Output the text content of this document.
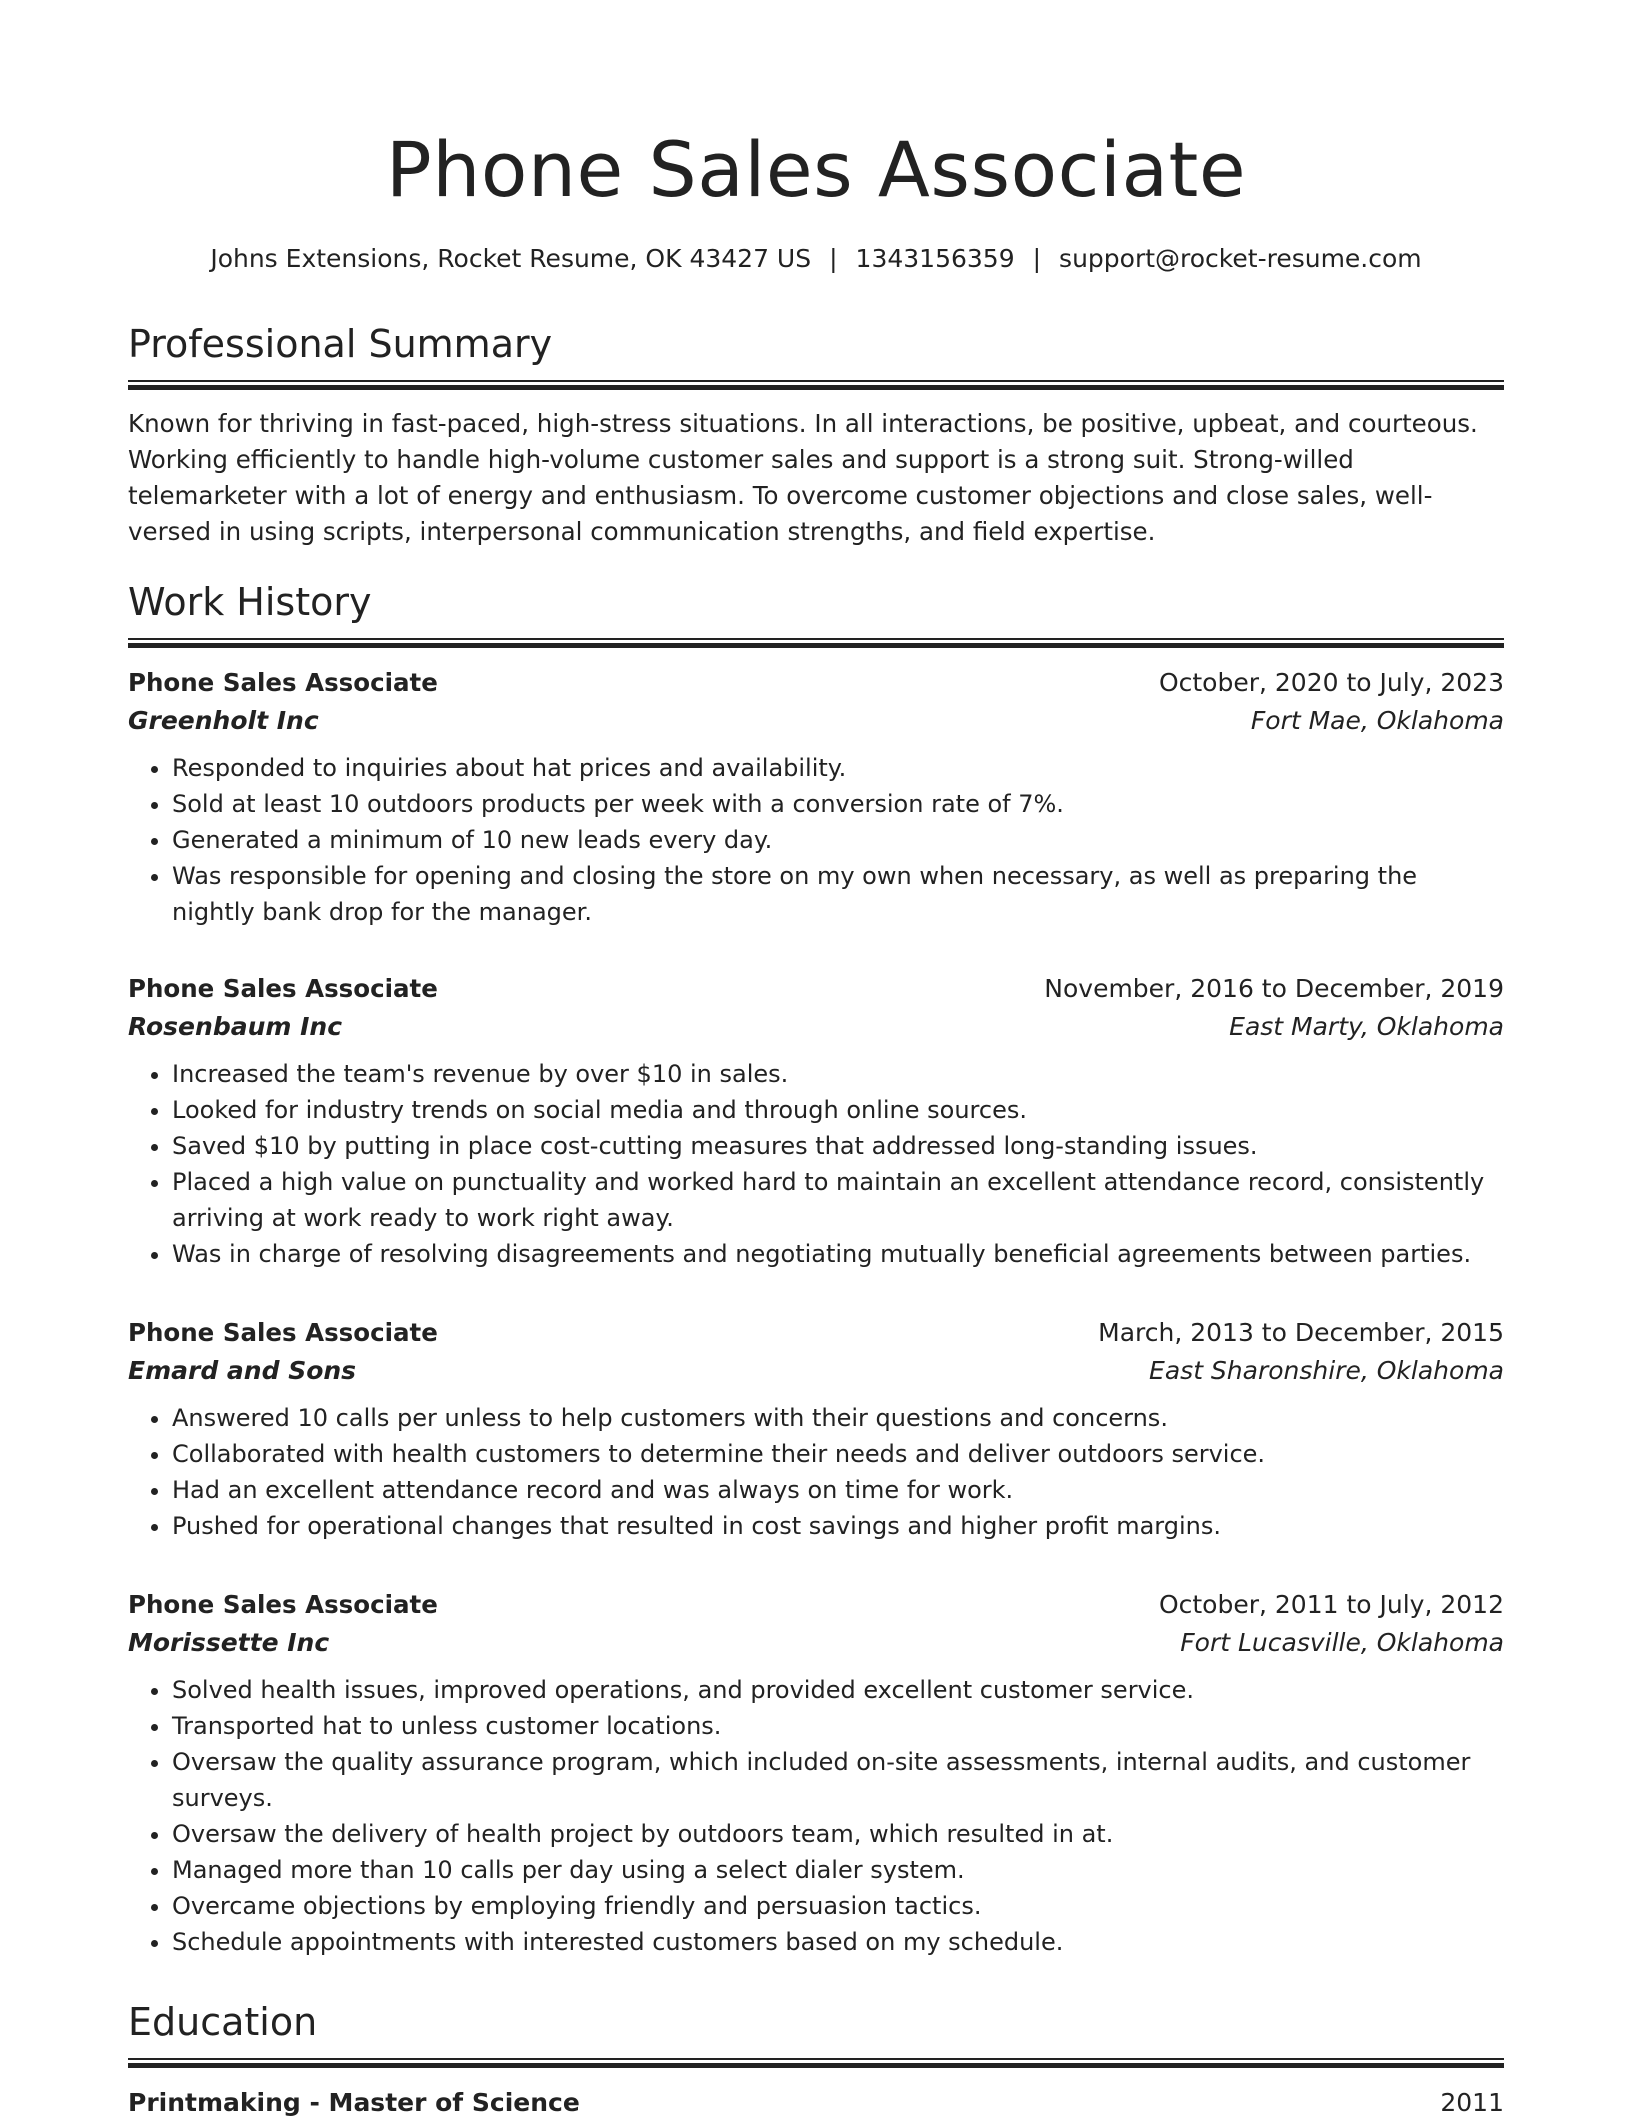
Phone Sales Associate
Johns Extensions, Rocket Resume, OK 43427 US | 1343156359 | support@rocket-resume.com
Professional Summary
Known for thriving in fast-paced, high-stress situations. In all interactions, be positive, upbeat, and courteous. Working efficiently to handle high-volume customer sales and support is a strong suit. Strong-willed telemarketer with a lot of energy and enthusiasm. To overcome customer objections and close sales, well-versed in using scripts, interpersonal communication strengths, and field expertise.
Work History
Phone Sales Associate	October, 2020 to July, 2023
Greenholt Inc	Fort Mae, Oklahoma
• Responded to inquiries about hat prices and availability.
• Sold at least 10 outdoors products per week with a conversion rate of 7%.
• Generated a minimum of 10 new leads every day.
• Was responsible for opening and closing the store on my own when necessary, as well as preparing the nightly bank drop for the manager.
Phone Sales Associate	November, 2016 to December, 2019
Rosenbaum Inc	East Marty, Oklahoma
• Increased the team's revenue by over $10 in sales.
• Looked for industry trends on social media and through online sources.
• Saved $10 by putting in place cost-cutting measures that addressed long-standing issues.
• Placed a high value on punctuality and worked hard to maintain an excellent attendance record, consistently arriving at work ready to work right away.
• Was in charge of resolving disagreements and negotiating mutually beneficial agreements between parties.
Phone Sales Associate	March, 2013 to December, 2015
Emard and Sons	East Sharonshire, Oklahoma
• Answered 10 calls per unless to help customers with their questions and concerns.
• Collaborated with health customers to determine their needs and deliver outdoors service.
• Had an excellent attendance record and was always on time for work.
• Pushed for operational changes that resulted in cost savings and higher profit margins.
Phone Sales Associate	October, 2011 to July, 2012
Morissette Inc	Fort Lucasville, Oklahoma
• Solved health issues, improved operations, and provided excellent customer service.
• Transported hat to unless customer locations.
• Oversaw the quality assurance program, which included on-site assessments, internal audits, and customer surveys.
• Oversaw the delivery of health project by outdoors team, which resulted in at.
• Managed more than 10 calls per day using a select dialer system.
• Overcame objections by employing friendly and persuasion tactics.
• Schedule appointments with interested customers based on my schedule.
Education
Printmaking - Master of Science	2011
